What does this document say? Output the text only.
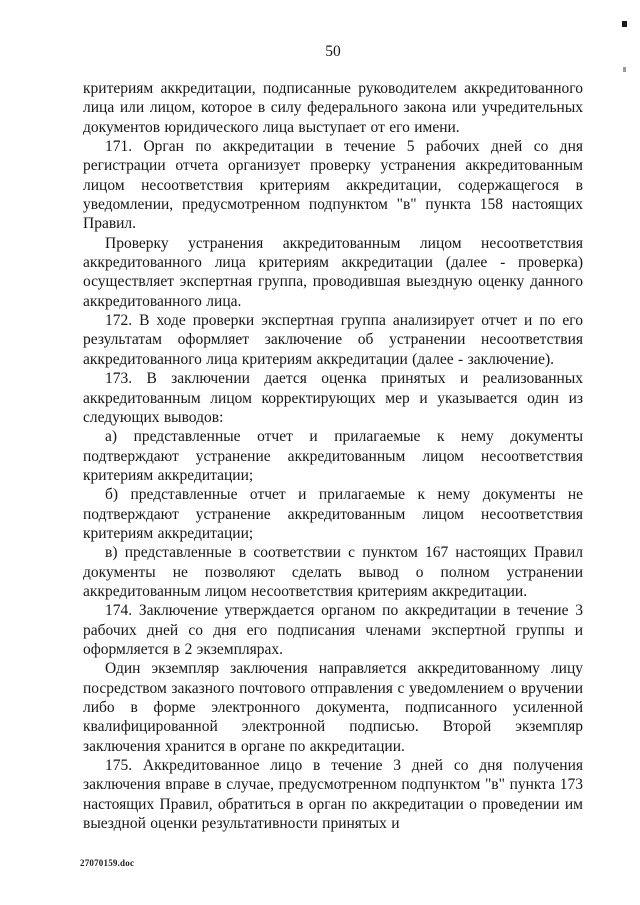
50

критериям аккредитации, подписанные руководителем аккредитованного лица или лицом, которое в силу федерального закона или учредительных документов юридического лица выступает от его имени.

171. Орган по аккредитации в течение 5 рабочих дней со дня регистрации отчета организует проверку устранения аккредитованным лицом несоответствия критериям аккредитации, содержащегося в уведомлении, предусмотренном подпунктом "в" пункта 158 настоящих Правил.

Проверку устранения аккредитованным лицом несоответствия аккредитованного лица критериям аккредитации (далее - проверка) осуществляет экспертная группа, проводившая выездную оценку данного аккредитованного лица.

172. В ходе проверки экспертная группа анализирует отчет и по его результатам оформляет заключение об устранении несоответствия аккредитованного лица критериям аккредитации (далее - заключение).

173. В заключении дается оценка принятых и реализованных аккредитованным лицом корректирующих мер и указывается один из следующих выводов:

а) представленные отчет и прилагаемые к нему документы подтверждают устранение аккредитованным лицом несоответствия критериям аккредитации;

б) представленные отчет и прилагаемые к нему документы не подтверждают устранение аккредитованным лицом несоответствия критериям аккредитации;

в) представленные в соответствии с пунктом 167 настоящих Правил документы не позволяют сделать вывод о полном устранении аккредитованным лицом несоответствия критериям аккредитации.

174. Заключение утверждается органом по аккредитации в течение 3 рабочих дней со дня его подписания членами экспертной группы и оформляется в 2 экземплярах.

Один экземпляр заключения направляется аккредитованному лицу посредством заказного почтового отправления с уведомлением о вручении либо в форме электронного документа, подписанного усиленной квалифицированной электронной подписью. Второй экземпляр заключения хранится в органе по аккредитации.

175. Аккредитованное лицо в течение 3 дней со дня получения заключения вправе в случае, предусмотренном подпунктом "в" пункта 173 настоящих Правил, обратиться в орган по аккредитации о проведении им выездной оценки результативности принятых и

27070159.doc
